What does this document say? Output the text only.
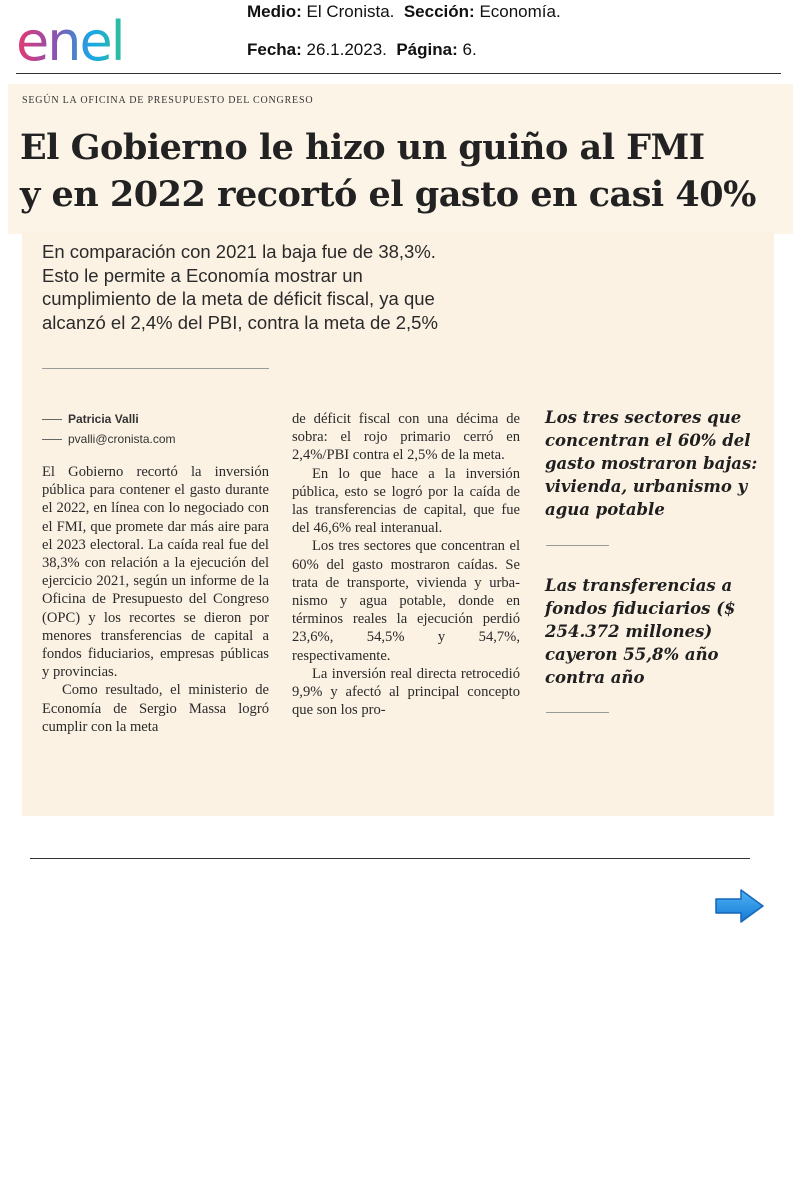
enel	Medio: El Cronista. Sección: Economía.
Fecha: 26.1.2023. Página: 6.
SEGÚN LA OFICINA DE PRESUPUESTO DEL CONGRESO
El Gobierno le hizo un guiño al FMI
y en 2022 recortó el gasto en casi 40%
En comparación con 2021 la baja fue de 38,3%.
Esto le permite a Economía mostrar un
cumplimiento de la meta de déficit fiscal, ya que
alcanzó el 2,4% del PBI, contra la meta de 2,5%
Patricia Valli
pvalli@cronista.com

El Gobierno recortó la inversión pública para contener el gasto durante el 2022, en línea con lo negociado con el FMI, que promete dar más aire para el 2023 electoral. La caída real fue del 38,3% con relación a la ejecución del ejercicio 2021, según un informe de la Oficina de Presupuesto del Congreso (OPC) y los recortes se dieron por menores transferencias de capital a fondos fiduciarios, empresas públicas y provincias.

Como resultado, el ministerio de Economía de Sergio Massa logró cumplir con la meta

de déficit fiscal con una décima de sobra: el rojo primario cerró en 2,4%/PBI contra el 2,5% de la meta.

En lo que hace a la inversión pública, esto se logró por la caída de las transferencias de capital, que fue del 46,6% real interanual.

Los tres sectores que concentran el 60% del gasto mostraron caídas. Se trata de transporte, vivienda y urbanismo y agua potable, donde en términos reales la ejecución perdió 23,6%, 54,5% y 54,7%, respectivamente.

La inversión real directa retrocedió 9,9% y afectó al principal concepto que son los pro-

Los tres sectores que concentran el 60% del gasto mostraron bajas: vivienda, urbanismo y agua potable

Las transferencias a fondos fiduciarios ($ 254.372 millones) cayeron 55,8% año contra año
